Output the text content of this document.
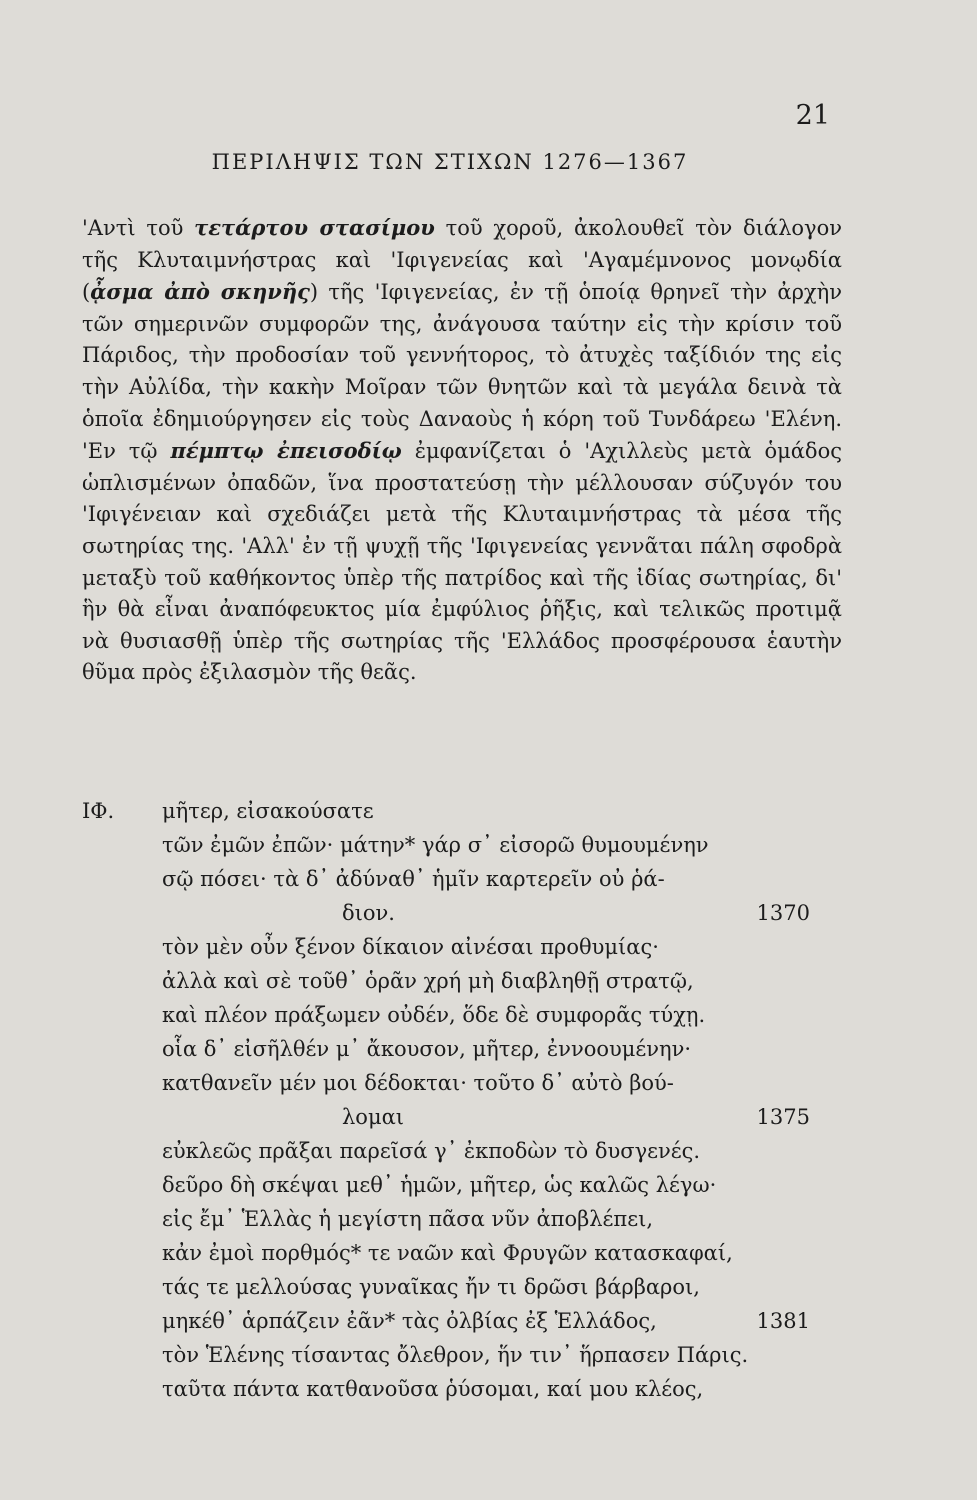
21
ΠΕΡΙΛΗΨΙΣ ΤΩΝ ΣΤΙΧΩΝ 1276—1367

'Αντὶ τοῦ τετάρτου στασίμου τοῦ χοροῦ, ἀκολουθεῖ τὸν διάλογον τῆς Κλυταιμνήστρας καὶ 'Ιφιγενείας καὶ 'Αγαμέμνονος μονῳδία (ᾆσμα ἀπὸ σκηνῆς) τῆς 'Ιφιγενείας, ἐν τῇ ὁποίᾳ θρηνεῖ τὴν ἀρχὴν τῶν σημερινῶν συμφορῶν της, ἀνάγουσα ταύτην εἰς τὴν κρίσιν τοῦ Πάριδος, τὴν προδοσίαν τοῦ γεννήτορος, τὸ ἀτυχὲς ταξίδιόν της εἰς τὴν Αὐλίδα, τὴν κακὴν Μοῖραν τῶν θνητῶν καὶ τὰ μεγάλα δεινὰ τὰ ὁποῖα ἐδημιούργησεν εἰς τοὺς Δαναοὺς ἡ κόρη τοῦ Τυνδάρεω 'Ελένη. 'Εν τῷ πέμπτῳ ἐπεισοδίῳ ἐμφανίζεται ὁ 'Αχιλλεὺς μετὰ ὁμάδος ὡπλισμένων ὀπαδῶν, ἵνα προστατεύσῃ τὴν μέλλουσαν σύζυγόν του 'Ιφιγένειαν καὶ σχεδιάζει μετὰ τῆς Κλυταιμνήστρας τὰ μέσα τῆς σωτηρίας της. 'Αλλ' ἐν τῇ ψυχῇ τῆς 'Ιφιγενείας γεννᾶται πάλη σφοδρὰ μεταξὺ τοῦ καθήκοντος ὑπὲρ τῆς πατρίδος καὶ τῆς ἰδίας σωτηρίας, δι' ἣν θὰ εἶναι ἀναπόφευκτος μία ἐμφύλιος ῥῆξις, καὶ τελικῶς προτιμᾷ νὰ θυσιασθῇ ὑπὲρ τῆς σωτηρίας τῆς 'Ελλάδος προσφέρουσα ἑαυτὴν θῦμα πρὸς ἐξιλασμὸν τῆς θεᾶς.

ΙΦ. μῆτερ, εἰσακούσατε
τῶν ἐμῶν ἐπῶν· μάτην* γάρ σ᾽ εἰσορῶ θυμουμένην
σῷ πόσει· τὰ δ᾽ ἀδύναθ᾽ ἡμῖν καρτερεῖν οὐ ῥά-
διον.	1370
τὸν μὲν οὖν ξένον δίκαιον αἰνέσαι προθυμίας·
ἀλλὰ καὶ σὲ τοῦθ᾽ ὁρᾶν χρή μὴ διαβληθῇ στρατῷ,
καὶ πλέον πράξωμεν οὐδέν, ὅδε δὲ συμφορᾶς τύχῃ.
οἷα δ᾽ εἰσῆλθέν μ᾽ ἄκουσον, μῆτερ, ἐννοουμένην·
κατθανεῖν μέν μοι δέδοκται· τοῦτο δ᾽ αὐτὸ βού-
λομαι	1375
εὐκλεῶς πρᾶξαι παρεῖσά γ᾽ ἐκποδὼν τὸ δυσγενές.
δεῦρο δὴ σκέψαι μεθ᾽ ἡμῶν, μῆτερ, ὡς καλῶς λέγω·
εἰς ἔμ᾽ Ἑλλὰς ἡ μεγίστη πᾶσα νῦν ἀποβλέπει,
κἀν ἐμοὶ πορθμός* τε ναῶν καὶ Φρυγῶν κατασκαφαί,
τάς τε μελλούσας γυναῖκας ἤν τι δρῶσι βάρβαροι,
μηκέθ᾽ ἁρπάζειν ἐᾶν* τὰς ὀλβίας ἐξ Ἑλλάδος,	1381
τὸν Ἑλένης τίσαντας ὄλεθρον, ἥν τιν᾽ ἥρπασεν Πάρις.
ταῦτα πάντα κατθανοῦσα ῥύσομαι, καί μου κλέος,
